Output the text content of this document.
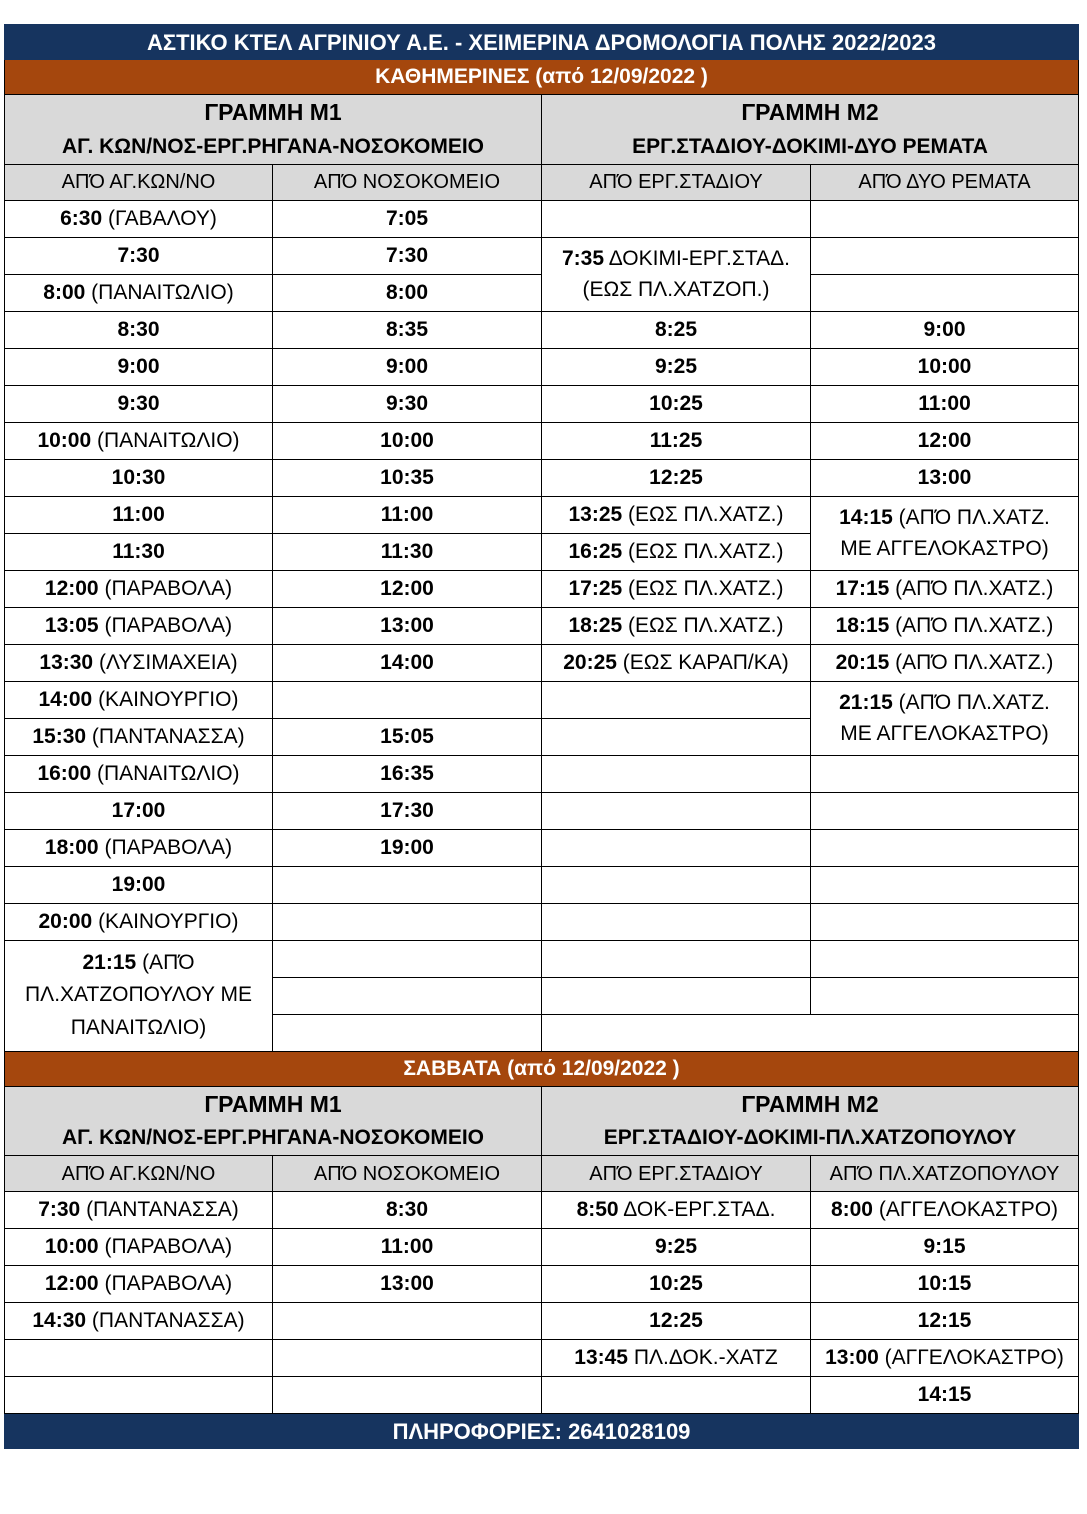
ΑΣΤΙΚΟ ΚΤΕΛ ΑΓΡΙΝΙΟΥ Α.Ε. - ΧΕΙΜΕΡΙΝΑ ΔΡΟΜΟΛΟΓΙΑ ΠΟΛΗΣ 2022/2023			
ΚΑΘΗΜΕΡΙΝΕΣ (από 12/09/2022 )			
ΓΡΑΜΜΗ Μ1		ΓΡΑΜΜΗ Μ2	
ΑΓ. ΚΩΝ/ΝΟΣ-ΕΡΓ.ΡΗΓΑΝΑ-ΝΟΣΟΚΟΜΕΙΟ		ΕΡΓ.ΣΤΑΔΙΟΥ-ΔΟΚΙΜΙ-ΔΥΟ ΡΕΜΑΤΑ	
ΑΠΌ ΑΓ.ΚΩΝ/ΝΟ	ΑΠΌ ΝΟΣΟΚΟΜΕΙΟ	ΑΠΌ ΕΡΓ.ΣΤΑΔΙΟΥ	ΑΠΌ ΔΥΟ ΡΕΜΑΤΑ
6:30 (ΓΑΒΑΛΟΥ)	7:05		
7:30	7:30	7:35 ΔΟΚΙΜΙ-ΕΡΓ.ΣΤΑΔ.
(ΕΩΣ ΠΛ.ΧΑΤΖΟΠ.)	
8:00 (ΠΑΝΑΙΤΩΛΙΟ)	8:00		
8:30	8:35	8:25	9:00
9:00	9:00	9:25	10:00
9:30	9:30	10:25	11:00
10:00 (ΠΑΝΑΙΤΩΛΙΟ)	10:00	11:25	12:00
10:30	10:35	12:25	13:00
11:00	11:00	13:25 (ΕΩΣ ΠΛ.ΧΑΤΖ.)	14:15 (ΑΠΌ ΠΛ.ΧΑΤΖ.
ΜΕ ΑΓΓΕΛΟΚΑΣΤΡΟ)
11:30	11:30	16:25 (ΕΩΣ ΠΛ.ΧΑΤΖ.)	
12:00 (ΠΑΡΑΒΟΛΑ)	12:00	17:25 (ΕΩΣ ΠΛ.ΧΑΤΖ.)	17:15 (ΑΠΌ ΠΛ.ΧΑΤΖ.)
13:05 (ΠΑΡΑΒΟΛΑ)	13:00	18:25 (ΕΩΣ ΠΛ.ΧΑΤΖ.)	18:15 (ΑΠΌ ΠΛ.ΧΑΤΖ.)
13:30 (ΛΥΣΙΜΑΧΕΙΑ)	14:00	20:25 (ΕΩΣ ΚΑΡΑΠ/ΚΑ)	20:15 (ΑΠΌ ΠΛ.ΧΑΤΖ.)
14:00 (ΚΑΙΝΟΥΡΓΙΟ)			21:15 (ΑΠΌ ΠΛ.ΧΑΤΖ.
ΜΕ ΑΓΓΕΛΟΚΑΣΤΡΟ)
15:30 (ΠΑΝΤΑΝΑΣΣΑ)	15:05		
16:00 (ΠΑΝΑΙΤΩΛΙΟ)	16:35		
17:00	17:30		
18:00 (ΠΑΡΑΒΟΛΑ)	19:00		
19:00			
20:00 (ΚΑΙΝΟΥΡΓΙΟ)			
21:15 (ΑΠΌ ΠΛ.ΧΑΤΖΟΠΟΥΛΟΥ ΜΕ ΠΑΝΑΙΤΩΛΙΟ)			

ΣΑΒΒΑΤΑ (από 12/09/2022 )			
ΓΡΑΜΜΗ Μ1		ΓΡΑΜΜΗ Μ2	
ΑΓ. ΚΩΝ/ΝΟΣ-ΕΡΓ.ΡΗΓΑΝΑ-ΝΟΣΟΚΟΜΕΙΟ		ΕΡΓ.ΣΤΑΔΙΟΥ-ΔΟΚΙΜΙ-ΠΛ.ΧΑΤΖΟΠΟΥΛΟΥ	
ΑΠΌ ΑΓ.ΚΩΝ/ΝΟ	ΑΠΌ ΝΟΣΟΚΟΜΕΙΟ	ΑΠΌ ΕΡΓ.ΣΤΑΔΙΟΥ	ΑΠΌ ΠΛ.ΧΑΤΖΟΠΟΥΛΟΥ
7:30 (ΠΑΝΤΑΝΑΣΣΑ)	8:30	8:50 ΔΟΚ-ΕΡΓ.ΣΤΑΔ.	8:00 (ΑΓΓΕΛΟΚΑΣΤΡΟ)
10:00 (ΠΑΡΑΒΟΛΑ)	11:00	9:25	9:15
12:00 (ΠΑΡΑΒΟΛΑ)	13:00	10:25	10:15
14:30 (ΠΑΝΤΑΝΑΣΣΑ)		12:25	12:15
		13:45 ΠΛ.ΔΟΚ.-ΧΑΤΖ	13:00 (ΑΓΓΕΛΟΚΑΣΤΡΟ)
			14:15
ΠΛΗΡΟΦΟΡΙΕΣ: 2641028109			
